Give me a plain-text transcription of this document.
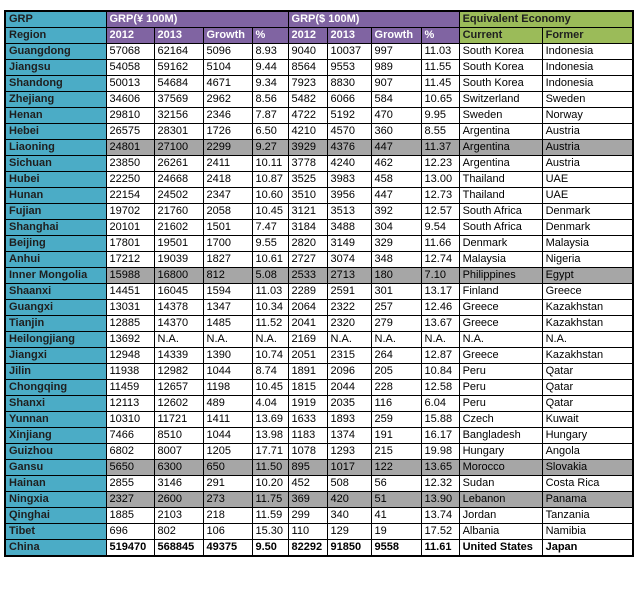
GRP	GRP(¥ 100M)				GRP($ 100M)				Equivalent Economy	
Region	2012	2013	Growth	%	2012	2013	Growth	%	Current	Former
Guangdong	57068	62164	5096	8.93	9040	10037	997	11.03	South Korea	Indonesia
Jiangsu	54058	59162	5104	9.44	8564	9553	989	11.55	South Korea	Indonesia
Shandong	50013	54684	4671	9.34	7923	8830	907	11.45	South Korea	Indonesia
Zhejiang	34606	37569	2962	8.56	5482	6066	584	10.65	Switzerland	Sweden
Henan	29810	32156	2346	7.87	4722	5192	470	9.95	Sweden	Norway
Hebei	26575	28301	1726	6.50	4210	4570	360	8.55	Argentina	Austria
Liaoning	24801	27100	2299	9.27	3929	4376	447	11.37	Argentina	Austria
Sichuan	23850	26261	2411	10.11	3778	4240	462	12.23	Argentina	Austria
Hubei	22250	24668	2418	10.87	3525	3983	458	13.00	Thailand	UAE
Hunan	22154	24502	2347	10.60	3510	3956	447	12.73	Thailand	UAE
Fujian	19702	21760	2058	10.45	3121	3513	392	12.57	South Africa	Denmark
Shanghai	20101	21602	1501	7.47	3184	3488	304	9.54	South Africa	Denmark
Beijing	17801	19501	1700	9.55	2820	3149	329	11.66	Denmark	Malaysia
Anhui	17212	19039	1827	10.61	2727	3074	348	12.74	Malaysia	Nigeria
Inner Mongolia	15988	16800	812	5.08	2533	2713	180	7.10	Philippines	Egypt
Shaanxi	14451	16045	1594	11.03	2289	2591	301	13.17	Finland	Greece
Guangxi	13031	14378	1347	10.34	2064	2322	257	12.46	Greece	Kazakhstan
Tianjin	12885	14370	1485	11.52	2041	2320	279	13.67	Greece	Kazakhstan
Heilongjiang	13692	N.A.	N.A.	N.A.	2169	N.A.	N.A.	N.A.	N.A.	N.A.
Jiangxi	12948	14339	1390	10.74	2051	2315	264	12.87	Greece	Kazakhstan
Jilin	11938	12982	1044	8.74	1891	2096	205	10.84	Peru	Qatar
Chongqing	11459	12657	1198	10.45	1815	2044	228	12.58	Peru	Qatar
Shanxi	12113	12602	489	4.04	1919	2035	116	6.04	Peru	Qatar
Yunnan	10310	11721	1411	13.69	1633	1893	259	15.88	Czech	Kuwait
Xinjiang	7466	8510	1044	13.98	1183	1374	191	16.17	Bangladesh	Hungary
Guizhou	6802	8007	1205	17.71	1078	1293	215	19.98	Hungary	Angola
Gansu	5650	6300	650	11.50	895	1017	122	13.65	Morocco	Slovakia
Hainan	2855	3146	291	10.20	452	508	56	12.32	Sudan	Costa Rica
Ningxia	2327	2600	273	11.75	369	420	51	13.90	Lebanon	Panama
Qinghai	1885	2103	218	11.59	299	340	41	13.74	Jordan	Tanzania
Tibet	696	802	106	15.30	110	129	19	17.52	Albania	Namibia
China	519470	568845	49375	9.50	82292	91850	9558	11.61	United States	Japan
